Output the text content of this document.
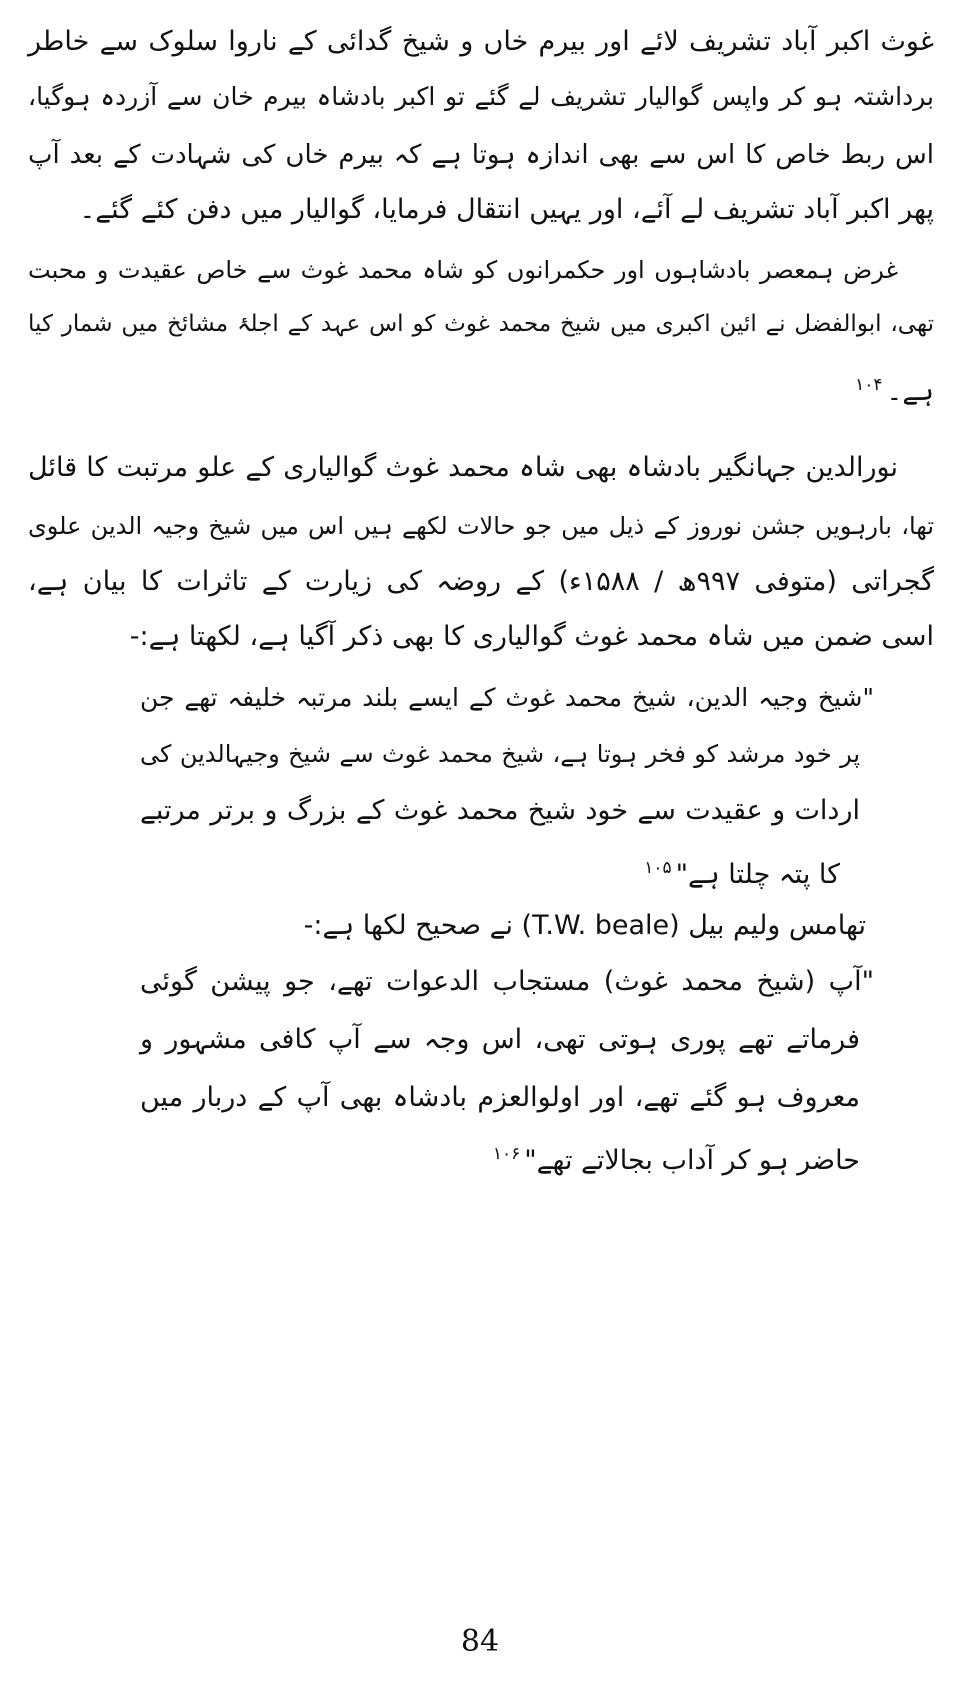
غوث اکبر آباد تشریف لائے اور بیرم خاں و شیخ گدائی کے ناروا سلوک سے خاطر
برداشتہ ہو کر واپس گوالیار تشریف لے گئے تو اکبر بادشاہ بیرم خان سے آزردہ ہوگیا،
اس ربط خاص کا اس سے بھی اندازہ ہوتا ہے کہ بیرم خاں کی شہادت کے بعد آپ
پھر اکبر آباد تشریف لے آئے، اور یہیں انتقال فرمایا، گوالیار میں دفن کئے گئے۔
غرض ہمعصر بادشاہوں اور حکمرانوں کو شاہ محمد غوث سے خاص عقیدت و محبت
تھی، ابوالفضل نے ائین اکبری میں شیخ محمد غوث کو اس عہد کے اجلۂ مشائخ میں شمار کیا
ہے۔$^{۱۰۴}$
نورالدین جہانگیر بادشاہ بھی شاہ محمد غوث گوالیاری کے علو مرتبت کا قائل
تھا، بارہویں جشن نوروز کے ذیل میں جو حالات لکھے ہیں اس میں شیخ وجیہ الدین علوی
گجراتی (متوفی ۹۹۷ھ / ۱۵۸۸ء) کے روضہ کی زیارت کے تاثرات کا بیان ہے،
اسی ضمن میں شاہ محمد غوث گوالیاری کا بھی ذکر آگیا ہے، لکھتا ہے:-
"شیخ وجیہ الدین، شیخ محمد غوث کے ایسے بلند مرتبہ خلیفہ تھے جن
پر خود مرشد کو فخر ہوتا ہے، شیخ محمد غوث سے شیخ وجیہالدین کی
اردات و عقیدت سے خود شیخ محمد غوث کے بزرگ و برتر مرتبے
کا پتہ چلتا ہے"$^{۱۰۵}$
تھامس ولیم بیل (T.W. beale) نے صحیح لکھا ہے:-
"آپ (شیخ محمد غوث) مستجاب الدعوات تھے، جو پیشن گوئی
فرماتے تھے پوری ہوتی تھی، اس وجہ سے آپ کافی مشہور و
معروف ہو گئے تھے، اور اولوالعزم بادشاہ بھی آپ کے دربار میں
حاضر ہو کر آداب بجالاتے تھے"$^{۱۰۶}$
84
